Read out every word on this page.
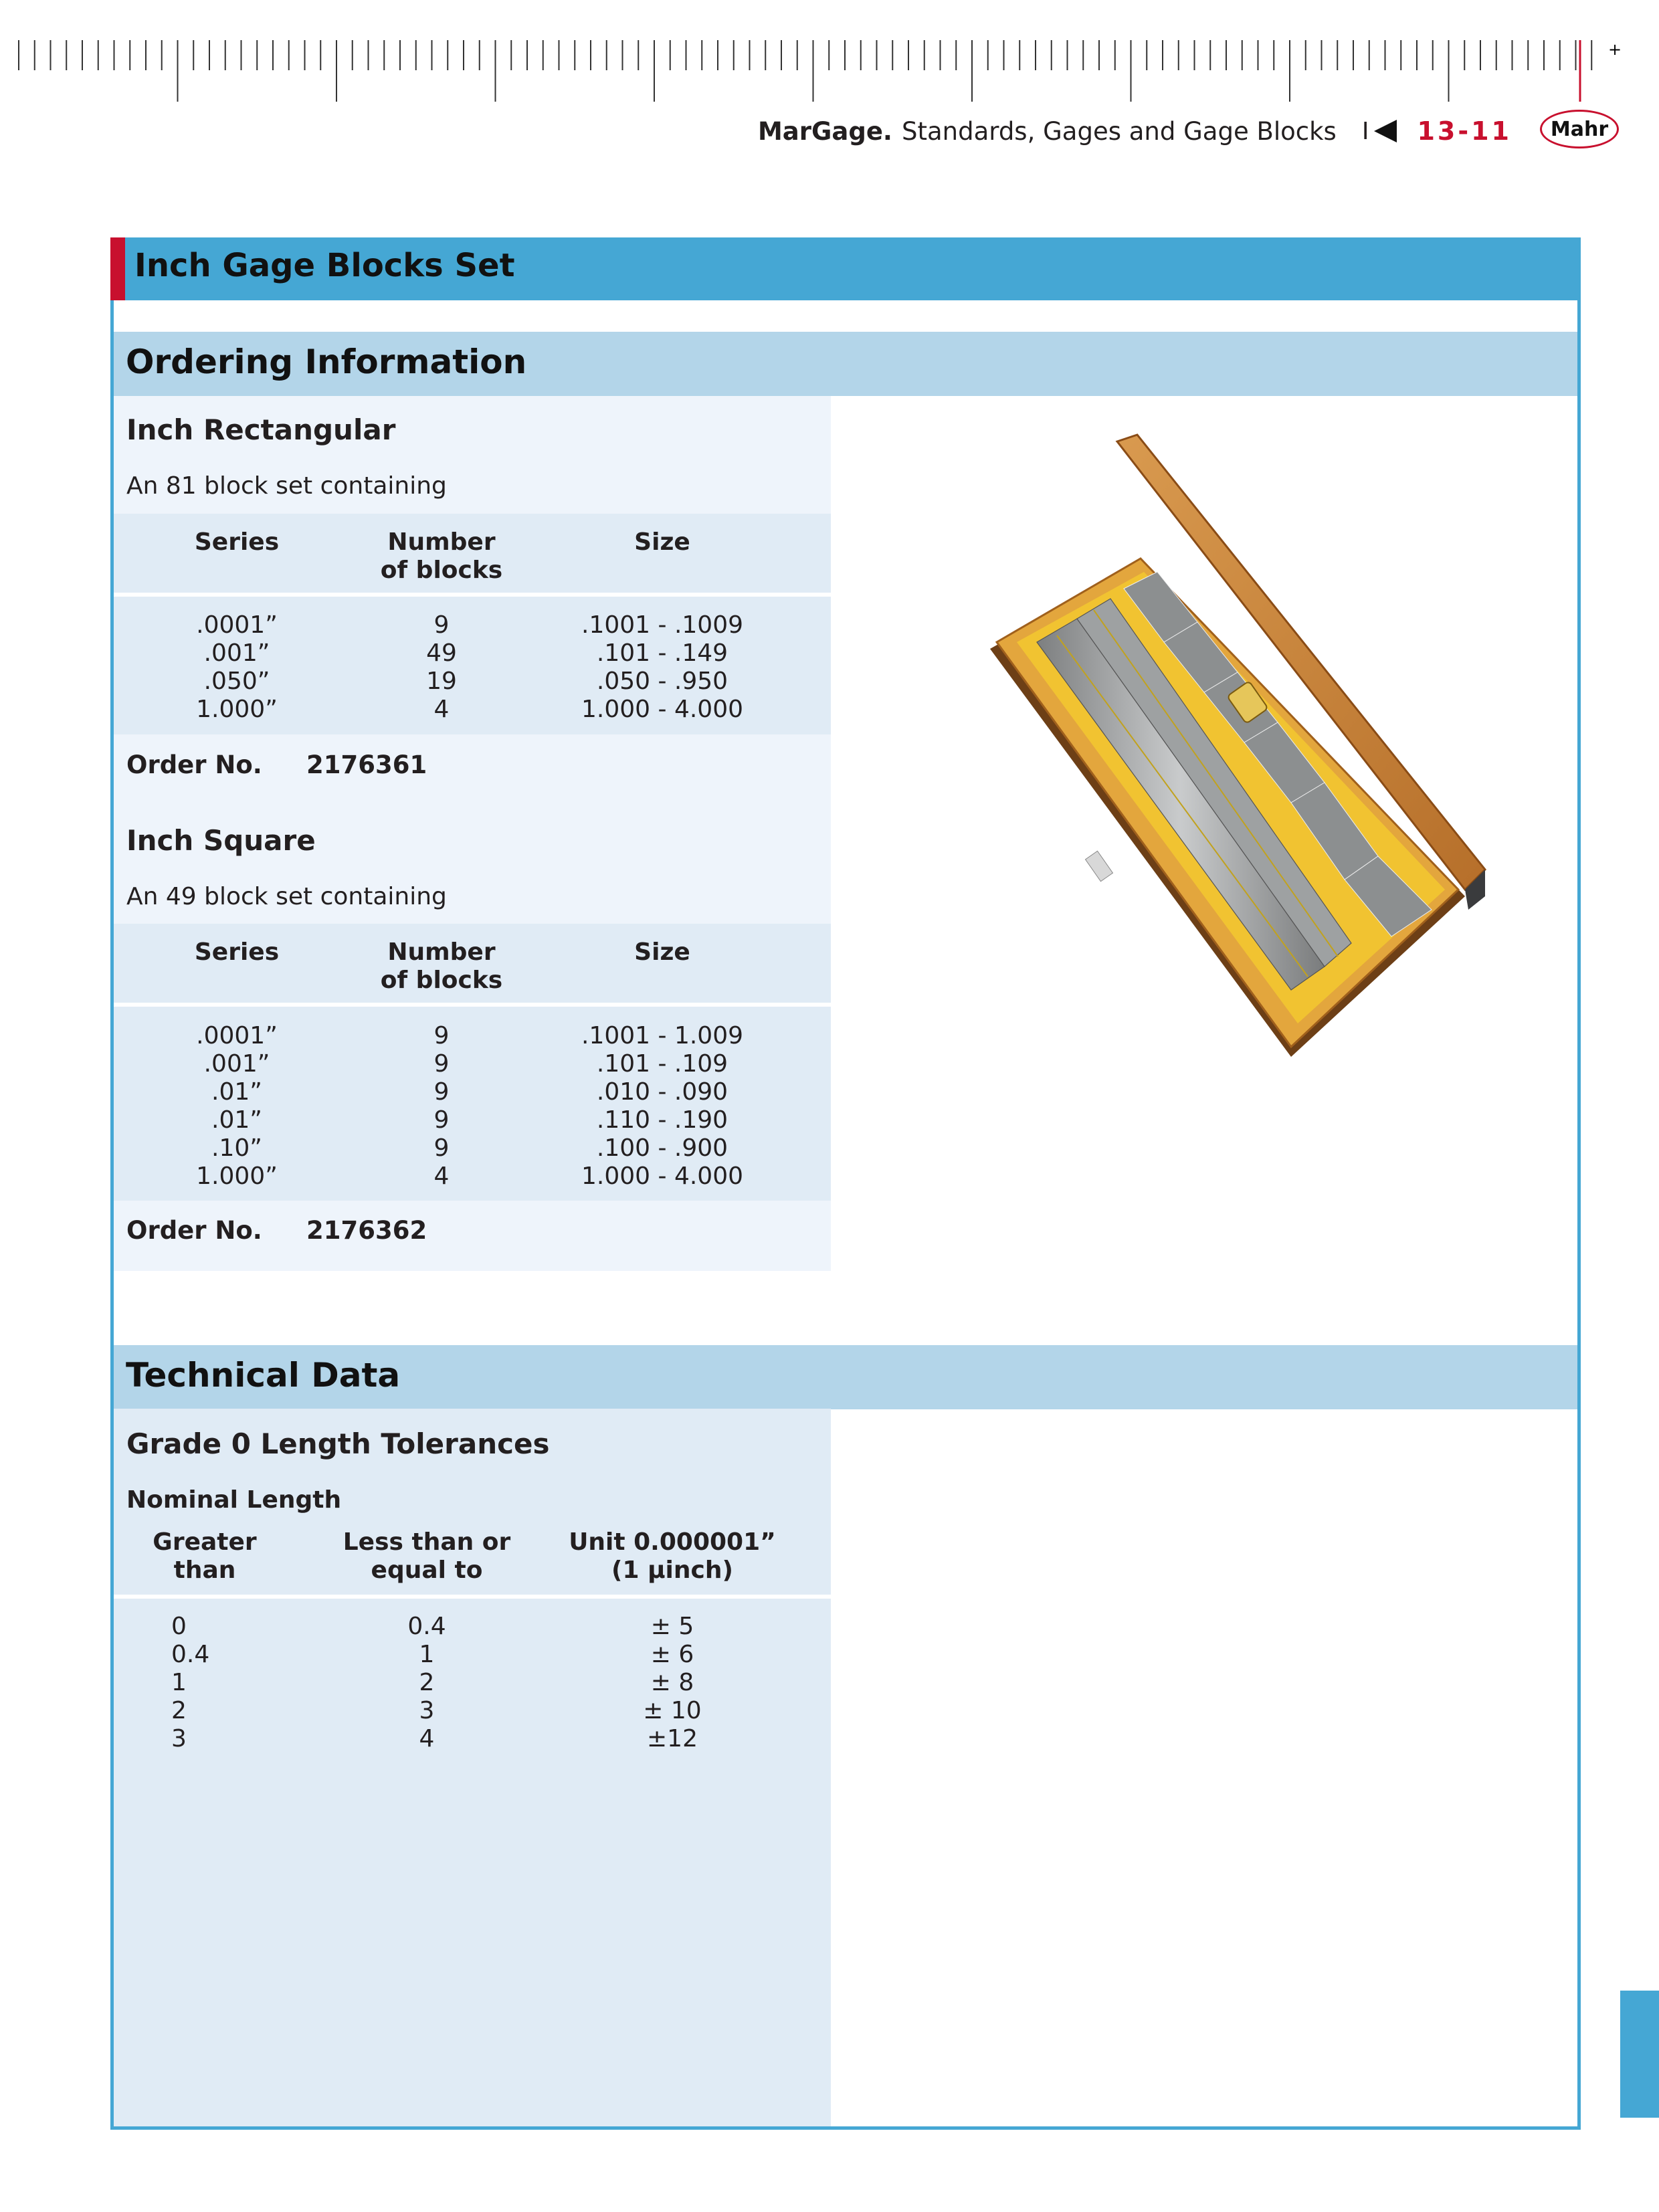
+
MarGage. Standards, Gages and Gage Blocks I 13-11 Mahr
Inch Gage Blocks Set
Ordering Information
Inch Rectangular
An 81 block set containing
Series	Number
of blocks
Size
.0001”
.001”
.050”
1.000”
9
49
19
4
.1001 - .1009
.101 - .149
.050 - .950
1.000 - 4.000
Order No. 2176361
Inch Square
An 49 block set containing
Series	Number
of blocks
Size
.0001”
.001”
.01”
.01”
.10”
1.000”
9
9
9
9
9
4
.1001 - 1.009
.101 - .109
.010 - .090
.110 - .190
.100 - .900
1.000 - 4.000
Order No. 2176362
Technical Data
Grade 0 Length Tolerances
Nominal Length
Greater
than
Less than or
equal to
Unit 0.000001”
(1 µinch)
0
0.4
1
2
3
0.4
1
2
3
4
± 5
± 6
± 8
± 10
±12
